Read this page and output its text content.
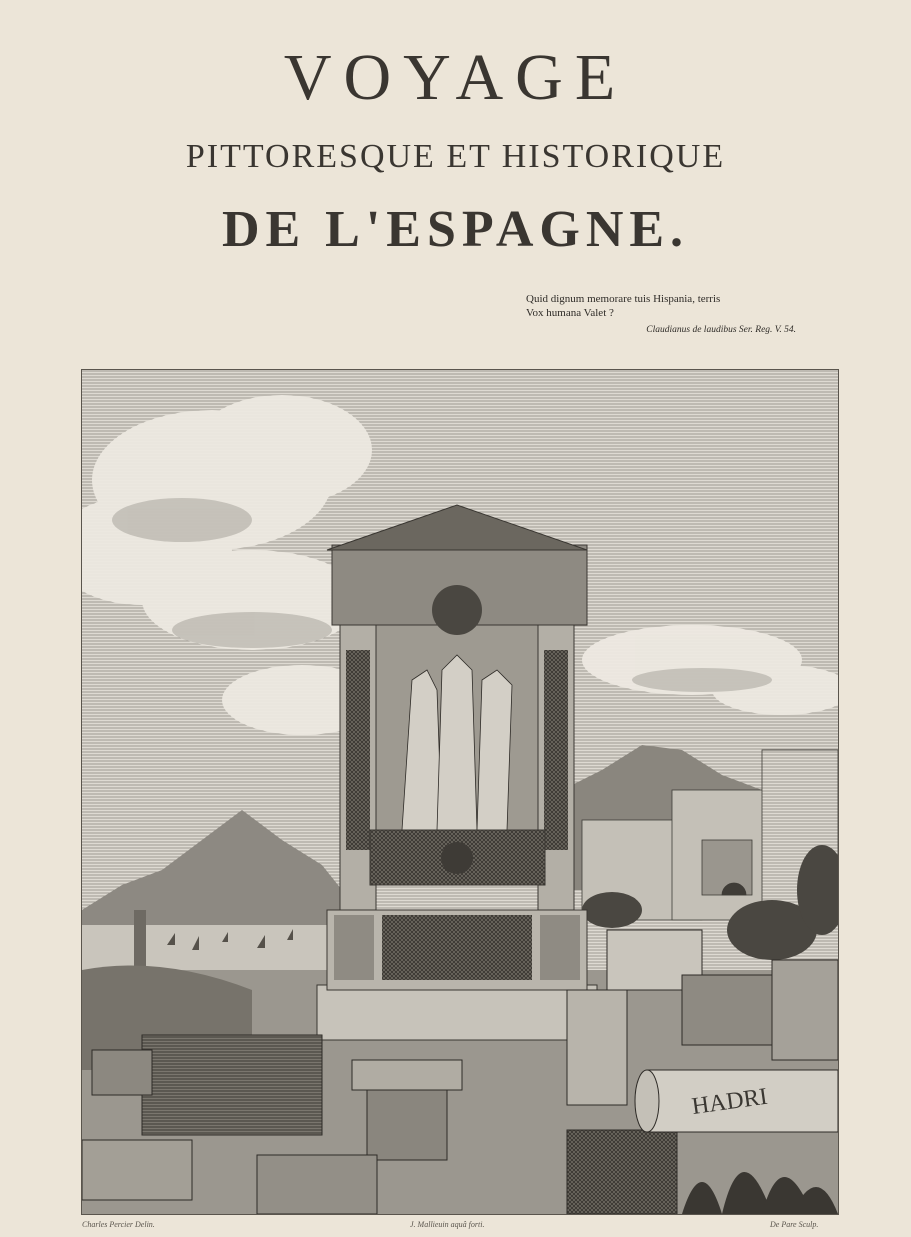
VOYAGE
PITTORESQUE ET HISTORIQUE
DE L'ESPAGNE.
Quid dignum memorare tuis Hispania, terris
Vox humana Valet ?
Claudianus de laudibus Ser. Reg. V. 54.
HADRI
Charles Percier Delin.	J. Mallieuin aquâ forti.	De Pare Sculp.
